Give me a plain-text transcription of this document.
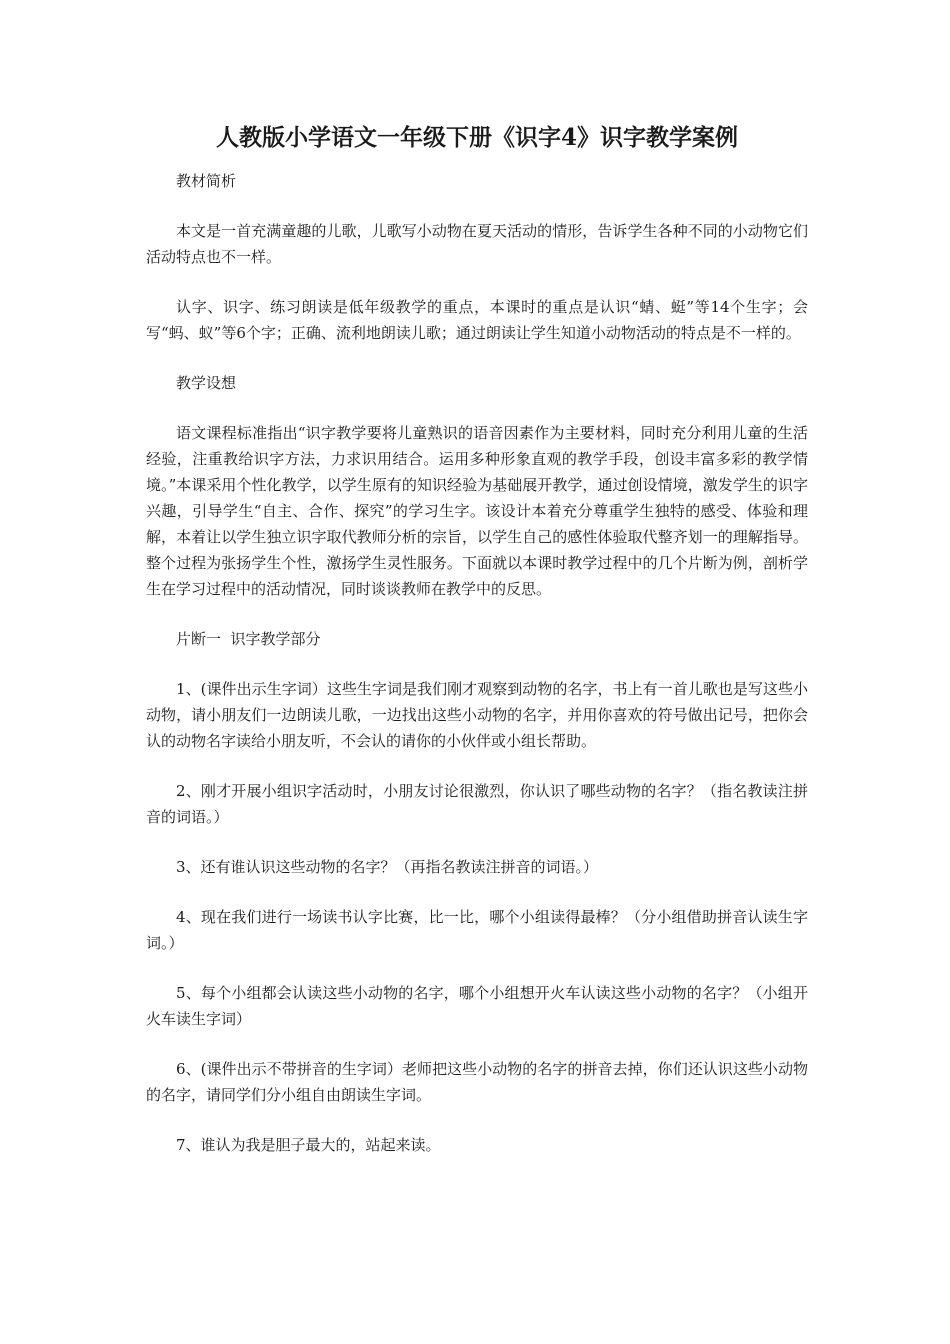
人教版小学语文一年级下册《识字4》识字教学案例

教材简析

本文是一首充满童趣的儿歌，儿歌写小动物在夏天活动的情形，告诉学生各种不同的小动物它们活动特点也不一样。

认字、识字、练习朗读是低年级教学的重点，本课时的重点是认识“蜻、蜓”等14个生字；会写“蚂、蚁”等6个字；正确、流利地朗读儿歌；通过朗读让学生知道小动物活动的特点是不一样的。

教学设想

语文课程标准指出“识字教学要将儿童熟识的语音因素作为主要材料，同时充分利用儿童的生活经验，注重教给识字方法，力求识用结合。运用多种形象直观的教学手段，创设丰富多彩的教学情境。”本课采用个性化教学，以学生原有的知识经验为基础展开教学，通过创设情境，激发学生的识字兴趣，引导学生“自主、合作、探究”的学习生字。该设计本着充分尊重学生独特的感受、体验和理解，本着让以学生独立识字取代教师分析的宗旨，以学生自己的感性体验取代整齐划一的理解指导。整个过程为张扬学生个性，激扬学生灵性服务。下面就以本课时教学过程中的几个片断为例，剖析学生在学习过程中的活动情况，同时谈谈教师在教学中的反思。

片断一  识字教学部分

1、(课件出示生字词）这些生字词是我们刚才观察到动物的名字，书上有一首儿歌也是写这些小动物，请小朋友们一边朗读儿歌，一边找出这些小动物的名字，并用你喜欢的符号做出记号，把你会认的动物名字读给小朋友听，不会认的请你的小伙伴或小组长帮助。

2、刚才开展小组识字活动时，小朋友讨论很激烈，你认识了哪些动物的名字？（指名教读注拼音的词语。）

3、还有谁认识这些动物的名字？（再指名教读注拼音的词语。）

4、现在我们进行一场读书认字比赛，比一比，哪个小组读得最棒？（分小组借助拼音认读生字词。）

5、每个小组都会认读这些小动物的名字，哪个小组想开火车认读这些小动物的名字？（小组开火车读生字词）

6、(课件出示不带拼音的生字词）老师把这些小动物的名字的拼音去掉，你们还认识这些小动物的名字，请同学们分小组自由朗读生字词。

7、谁认为我是胆子最大的，站起来读。
